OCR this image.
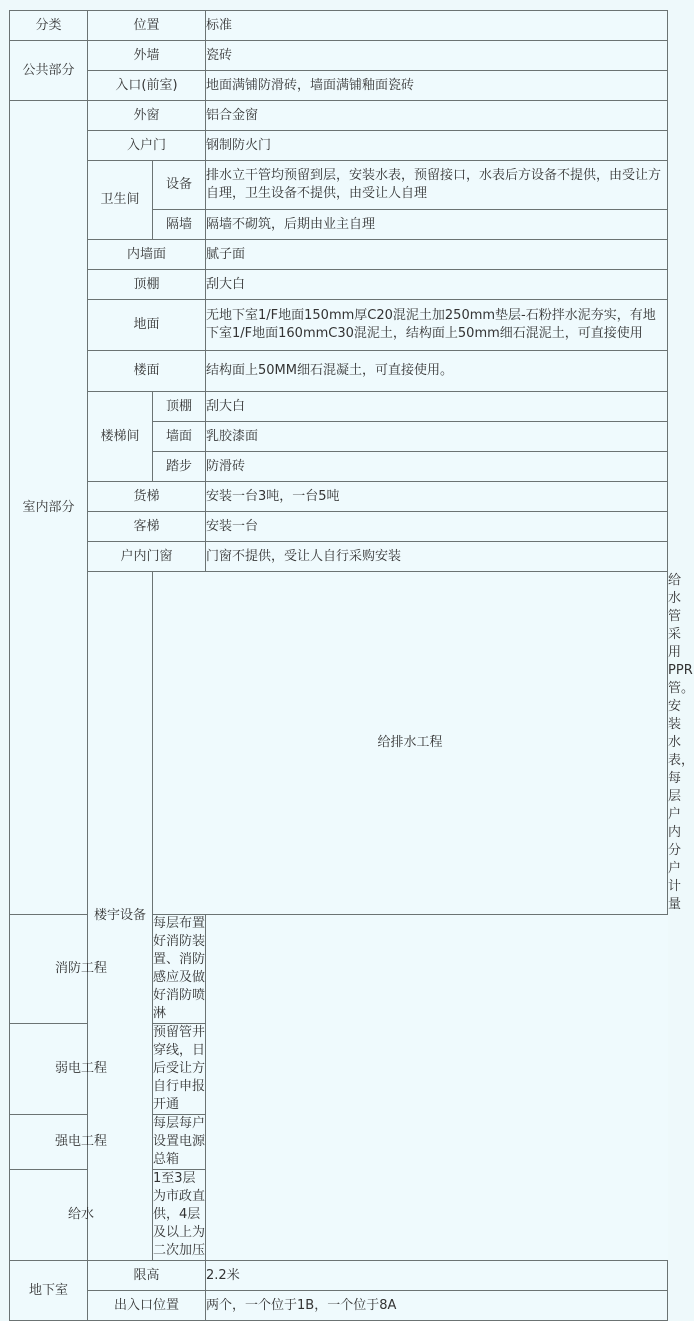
分类	位置		标准	
公共部分	外墙		瓷砖	
	入口(前室)		地面满铺防滑砖，墙面满铺釉面瓷砖	
室内部分	外窗		铝合金窗	
	入户门		钢制防火门	
	卫生间	设备	排水立干管均预留到层，安装水表，预留接口，水表后方设备不提供，由受让方自理，卫生设备不提供，由受让人自理	
		隔墙	隔墙不砌筑，后期由业主自理	
	内墙面		腻子面	
	顶棚		刮大白	
	地面		无地下室1/F地面150mm厚C20混泥土加250mm垫层-石粉拌水泥夯实，有地下室1/F地面160mmC30混泥土，结构面上50mm细石混泥土，可直接使用	
	楼面		结构面上50MM细石混凝土，可直接使用。	
	楼梯间	顶棚	刮大白	
		墙面	乳胶漆面	
		踏步	防滑砖	
	货梯		安装一台3吨，一台5吨	
	客梯		安装一台	
	户内门窗		门窗不提供，受让人自行采购安装	
	楼宇设备	给排水工程		给水管采用PPR管。安装水表，每层户内分户计量
消防工程		每层布置好消防装置、消防感应及做好消防喷淋		
弱电工程		预留管井穿线，日后受让方自行申报开通		
强电工程		每层每户设置电源总箱		
给水		1至3层为市政直供，4层及以上为二次加压		
地下室	限高		2.2米	
	出入口位置		两个，一个位于1B，一个位于8A	
